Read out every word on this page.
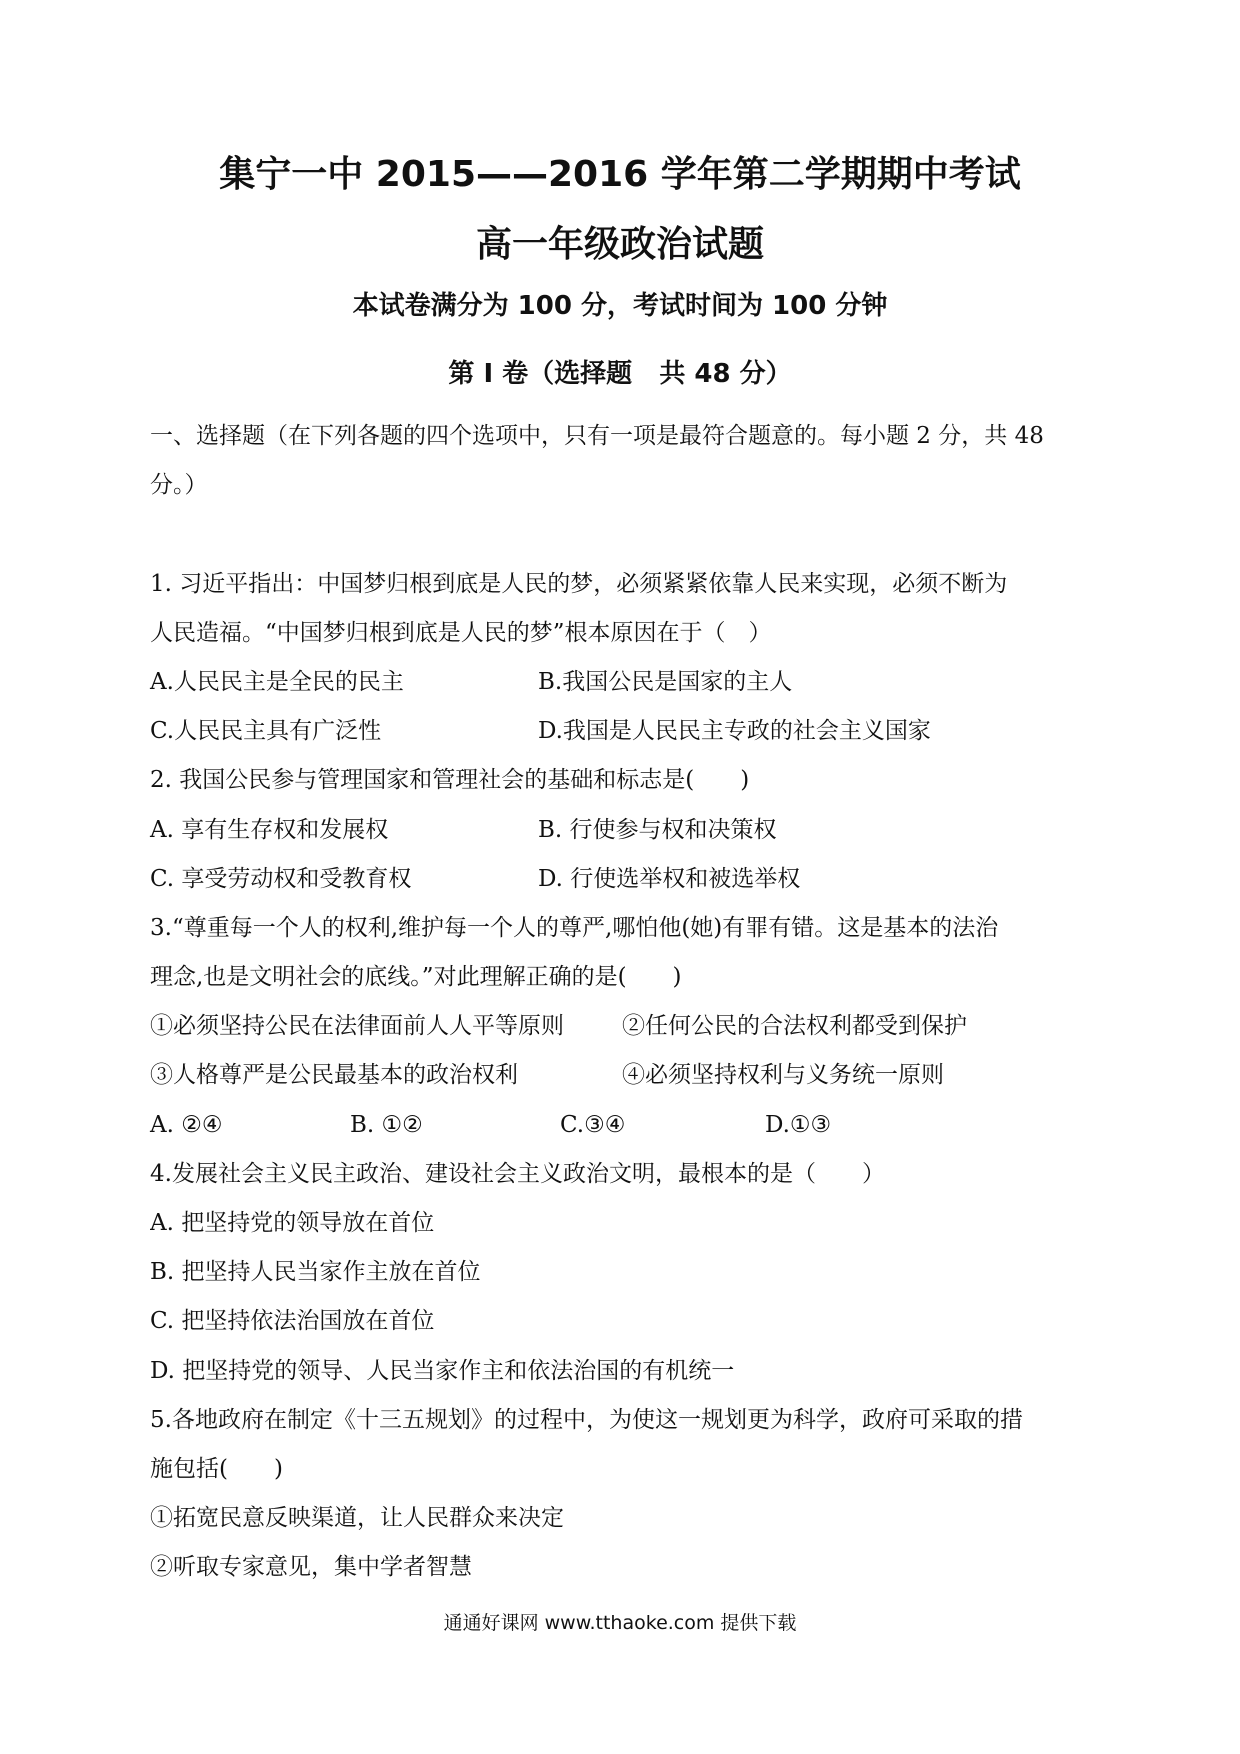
集宁一中 2015——2016 学年第二学期期中考试
高一年级政治试题

本试卷满分为 100 分，考试时间为 100 分钟

第 I 卷（选择题   共 48 分）

一、选择题（在下列各题的四个选项中，只有一项是最符合题意的。每小题 2 分，共 48
分。）
1. 习近平指出：中国梦归根到底是人民的梦，必须紧紧依靠人民来实现，必须不断为
人民造福。“中国梦归根到底是人民的梦”根本原因在于（　）
A.人民民主是全民的民主	B.我国公民是国家的主人
C.人民民主具有广泛性	D.我国是人民民主专政的社会主义国家
2. 我国公民参与管理国家和管理社会的基础和标志是(　　)
A. 享有生存权和发展权	B. 行使参与权和决策权
C. 享受劳动权和受教育权	D. 行使选举权和被选举权
3.“尊重每一个人的权利,维护每一个人的尊严,哪怕他(她)有罪有错。这是基本的法治
理念,也是文明社会的底线。”对此理解正确的是(　　)
①必须坚持公民在法律面前人人平等原则	②任何公民的合法权利都受到保护
③人格尊严是公民最基本的政治权利	④必须坚持权利与义务统一原则
A. ②④	B. ①②	C.③④	D.①③
4.发展社会主义民主政治、建设社会主义政治文明，最根本的是（　　）
A. 把坚持党的领导放在首位
B. 把坚持人民当家作主放在首位
C. 把坚持依法治国放在首位
D. 把坚持党的领导、人民当家作主和依法治国的有机统一
5.各地政府在制定《十三五规划》的过程中，为使这一规划更为科学，政府可采取的措
施包括(　　)
①拓宽民意反映渠道，让人民群众来决定
②听取专家意见，集中学者智慧

通通好课网 www.tthaoke.com 提供下载
